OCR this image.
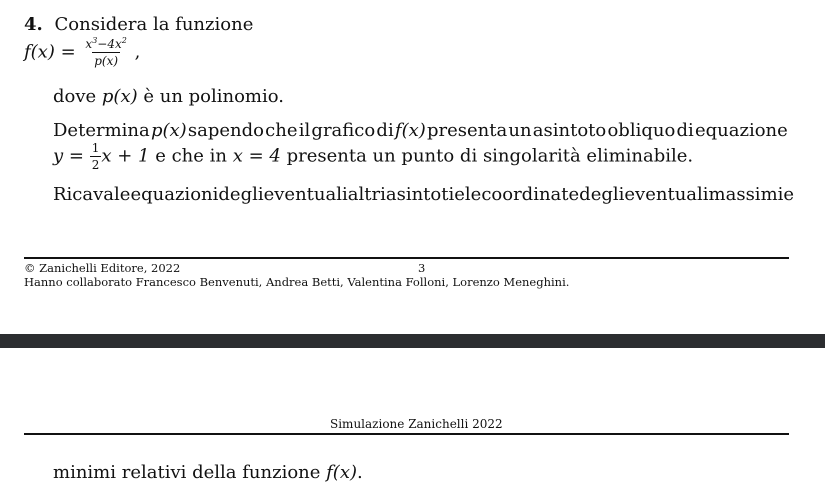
4. Considera la funzione
$f(x) = \frac{x^3-4x^2}{p(x)}$ ,
dove p(x) è un polinomio.
Determina p(x) sapendo che il grafico di f(x) presenta un asintoto obliquo di equazione
$y = \frac{1}{2}$ x + 1 e che in x = 4 presenta un punto di singolarità eliminabile.
Ricava le equazioni degli eventuali altri asintoti e le coordinate degli eventuali massimi e
© Zanichelli Editore, 2022	3
Hanno collaborato Francesco Benvenuti, Andrea Betti, Valentina Folloni, Lorenzo Meneghini.
Simulazione Zanichelli 2022
minimi relativi della funzione f(x).
